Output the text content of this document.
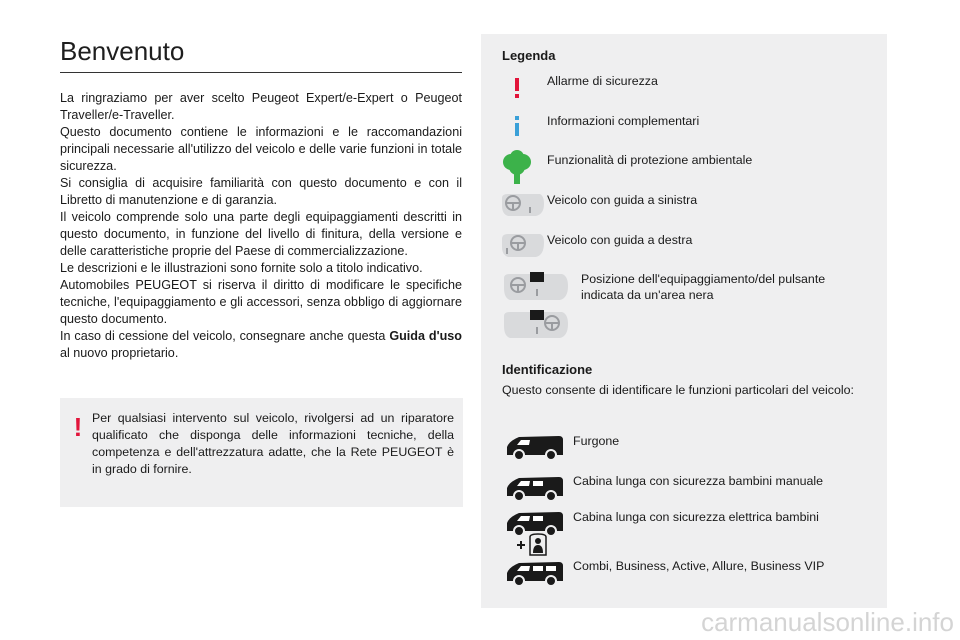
Benvenuto

La ringraziamo per aver scelto Peugeot Expert/e-Expert o Peugeot Traveller/e-Traveller.

Questo documento contiene le informazioni e le raccomandazioni principali necessarie all'utilizzo del veicolo e delle varie funzioni in totale sicurezza.

Si consiglia di acquisire familiarità con questo documento e con il Libretto di manutenzione e di garanzia.

Il veicolo comprende solo una parte degli equipaggiamenti descritti in questo documento, in funzione del livello di finitura, della versione e delle caratteristiche proprie del Paese di commercializzazione.

Le descrizioni e le illustrazioni sono fornite solo a titolo indicativo.

Automobiles PEUGEOT si riserva il diritto di modificare le specifiche tecniche, l'equipaggiamento e gli accessori, senza obbligo di aggiornare questo documento.

In caso di cessione del veicolo, consegnare anche questa Guida d'uso al nuovo proprietario.

! Per qualsiasi intervento sul veicolo, rivolgersi ad un riparatore qualificato che disponga delle informazioni tecniche, della competenza e dell'attrezzatura adatte, che la Rete PEUGEOT è in grado di fornire.
Legenda
Allarme di sicurezza
Informazioni complementari
Funzionalità di protezione ambientale
Veicolo con guida a sinistra
Veicolo con guida a destra
Posizione dell'equipaggiamento/del pulsante indicata da un'area nera
Identificazione
Questo consente di identificare le funzioni particolari del veicolo:
Furgone
Cabina lunga con sicurezza bambini manuale
Cabina lunga con sicurezza elettrica bambini
Combi, Business, Active, Allure, Business VIP
carmanualsonline.info
